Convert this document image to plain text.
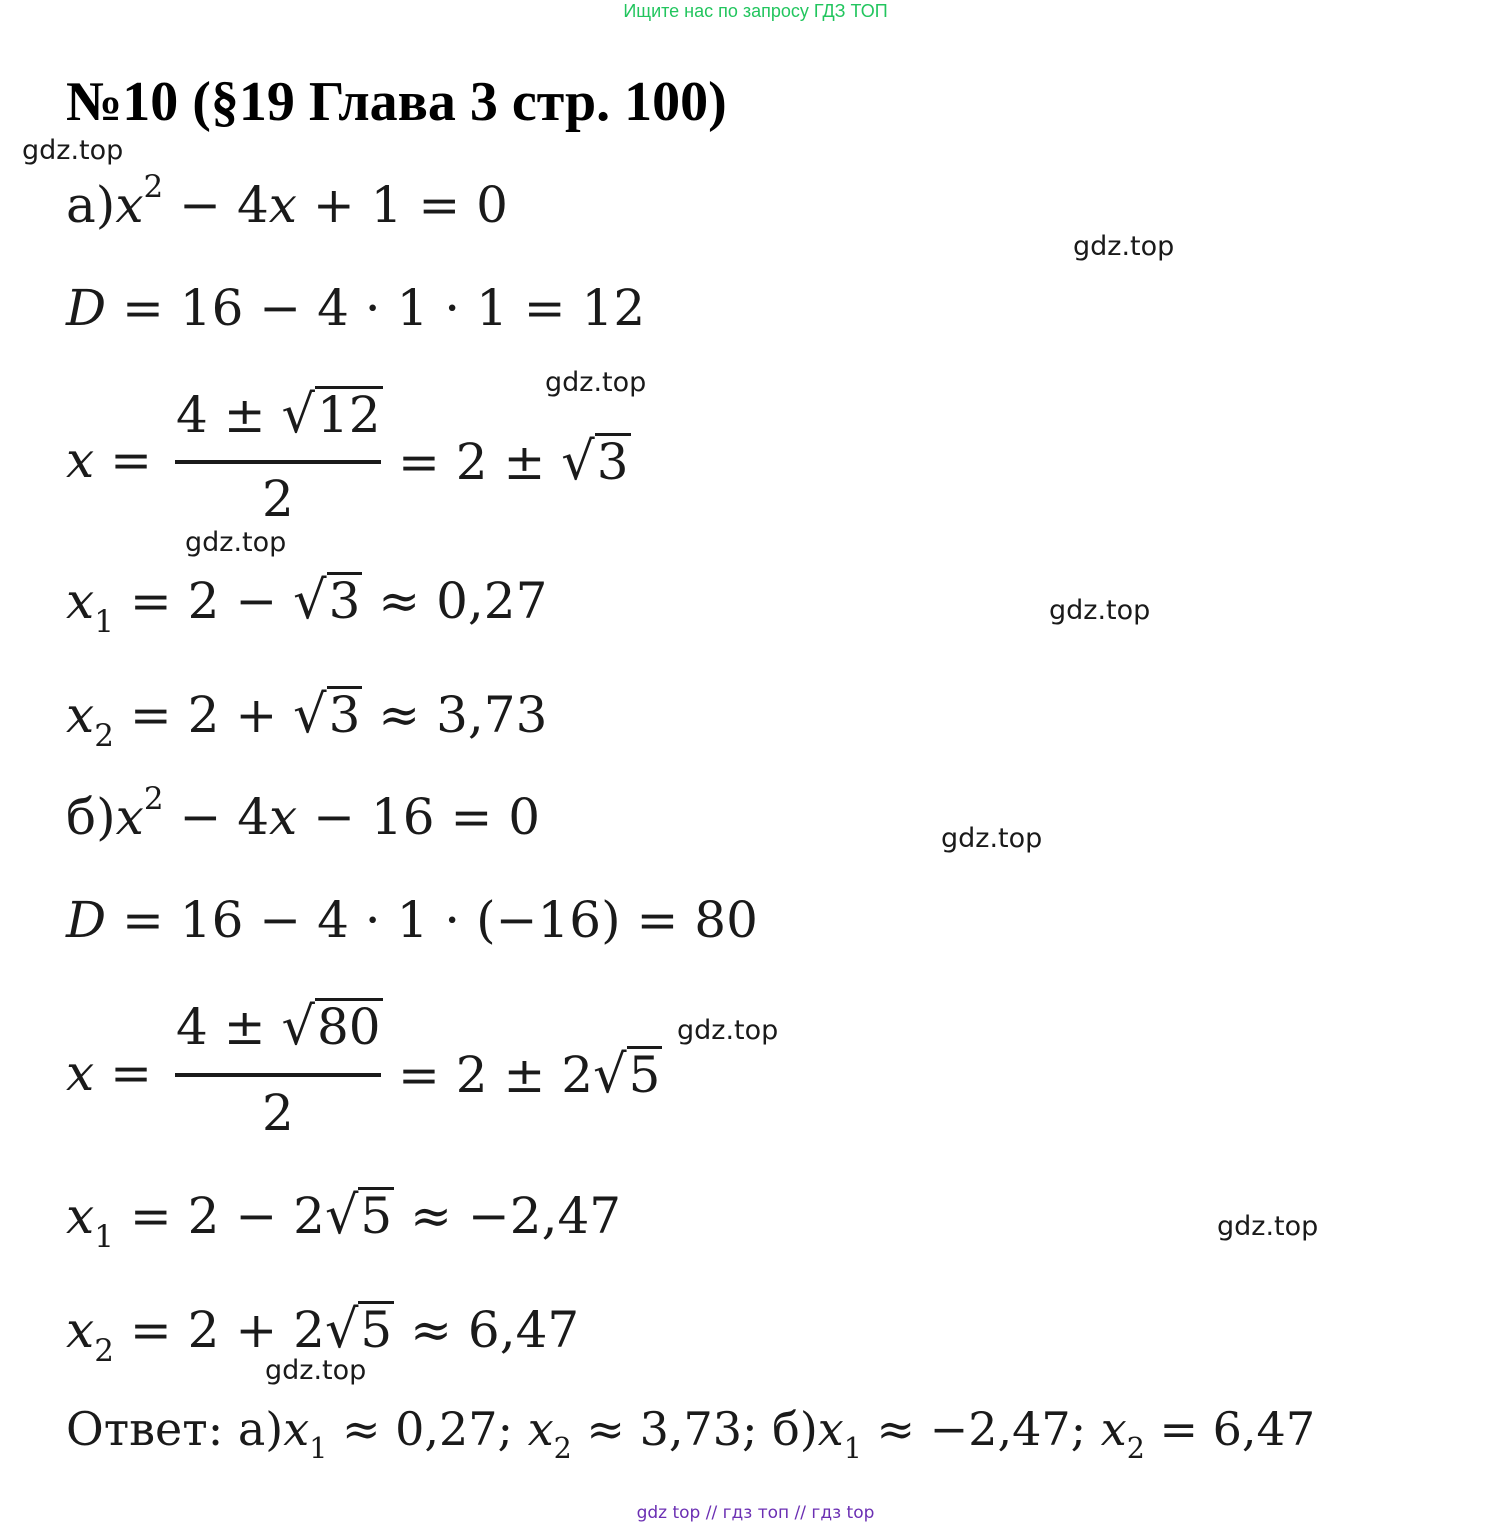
Ищите нас по запросу ГДЗ ТОП
№10 (§19 Глава 3 стр. 100)
gdz.top
gdz.top
gdz.top
gdz.top
gdz.top
gdz.top
gdz.top
gdz.top
gdz.top
$а)x^2 - 4x + 1 = 0$
D = 16 − 4 · 1 · 1 = 12
x =
4 ± √12
2
= 2 ± √3
$x_1 = 2 - √3 \approx 0,27$
$x_2 = 2 + √3 \approx 3,73$
$б)x^2 - 4x - 16 = 0$
D = 16 − 4 · 1 · (−16) = 80
x =
4 ± √80
2
= 2 ± 2√5
$x_1 = 2 - 2√5 \approx -2,47$
$x_2 = 2 + 2√5 \approx 6,47$
Ответ: $а)x_1 \approx 0,27$; $x_2 \approx 3,73$; $б)x_1 \approx -2,47$; $x_2 = 6,47$
gdz top // гдз топ // гдз top
